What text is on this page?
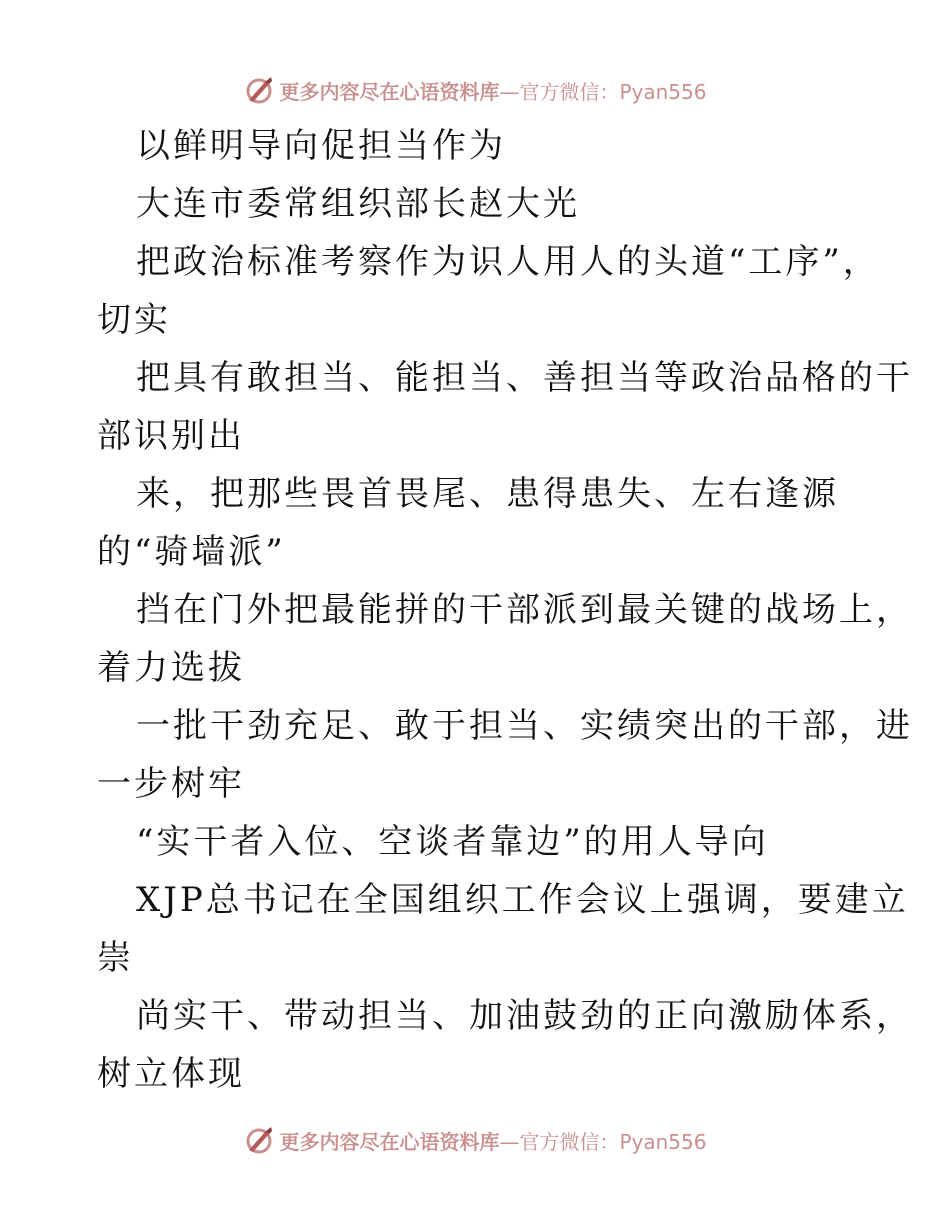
更多内容尽在心语资料库 —官方微信：Pyan556
以鲜明导向促担当作为
大连市委常组织部长赵大光
把政治标准考察作为识人用人的头道“工序”，
切实
把具有敢担当、能担当、善担当等政治品格的干
部识别出
来，把那些畏首畏尾、患得患失、左右逢源
的“骑墙派”
挡在门外把最能拼的干部派到最关键的战场上，
着力选拔
一批干劲充足、敢于担当、实绩突出的干部，进
一步树牢
“实干者入位、空谈者靠边”的用人导向
XJP总书记在全国组织工作会议上强调，要建立
崇
尚实干、带动担当、加油鼓劲的正向激励体系，
树立体现
更多内容尽在心语资料库 —官方微信：Pyan556
